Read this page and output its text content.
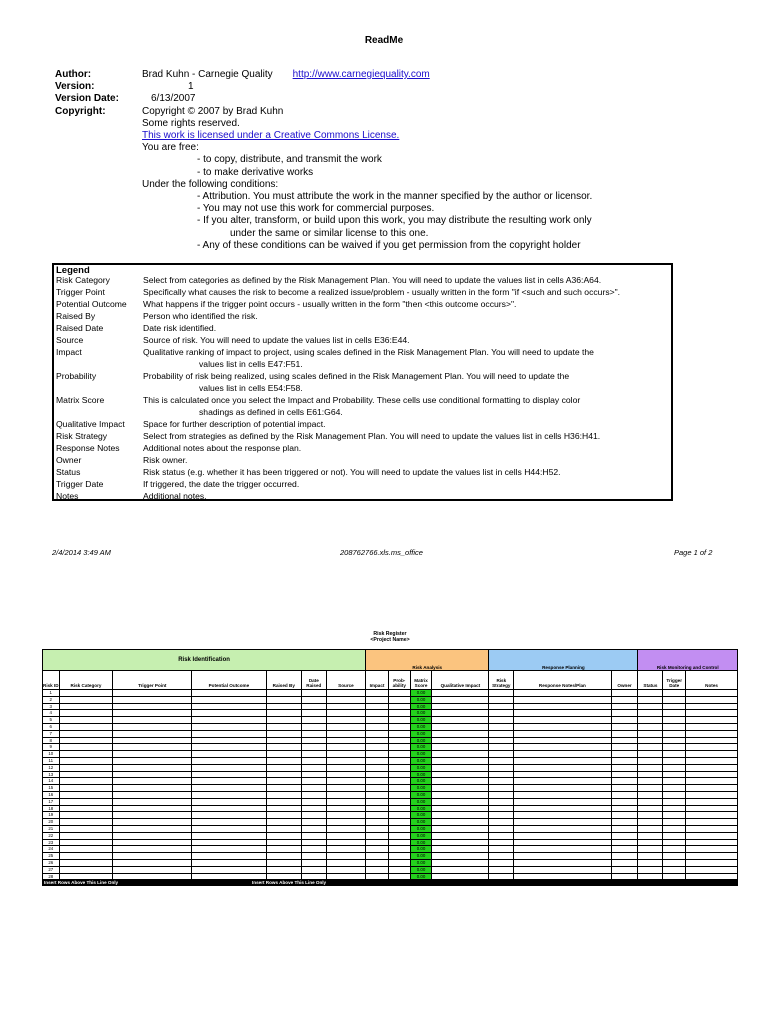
ReadMe
Author:	Brad Kuhn - Carnegie Quality http://www.carnegiequality.com
Version:	1
Version Date:	6/13/2007
Copyright:	Copyright © 2007 by Brad Kuhn
Some rights reserved.
This work is licensed under a Creative Commons License.
You are free:
- to copy, distribute, and transmit the work
- to make derivative works
Under the following conditions:
- Attribution. You must attribute the work in the manner specified by the author or licensor.
- You may not use this work for commercial purposes.
- If you alter, transform, or build upon this work, you may distribute the resulting work only
under the same or similar license to this one.
- Any of these conditions can be waived if you get permission from the copyright holder
Legend
Risk Category	Select from categories as defined by the Risk Management Plan. You will need to update the values list in cells A36:A64.
Trigger Point	Specifically what causes the risk to become a realized issue/problem - usually written in the form "if <such and such occurs>".
Potential Outcome	What happens if the trigger point occurs - usually written in the form "then <this outcome occurs>".
Raised By	Person who identified the risk.
Raised Date	Date risk identified.
Source	Source of risk. You will need to update the values list in cells E36:E44.
Impact	Qualitative ranking of impact to project, using scales defined in the Risk Management Plan. You will need to update the
values list in cells E47:F51.
Probability	Probability of risk being realized, using scales defined in the Risk Management Plan. You will need to update the
values list in cells E54:F58.
Matrix Score	This is calculated once you select the Impact and Probability. These cells use conditional formatting to display color
shadings as defined in cells E61:G64.
Qualitative Impact	Space for further description of potential impact.
Risk Strategy	Select from strategies as defined by the Risk Management Plan. You will need to update the values list in cells H36:H41.
Response Notes	Additional notes about the response plan.
Owner	Risk owner.
Status	Risk status (e.g. whether it has been triggered or not). You will need to update the values list in cells H44:H52.
Trigger Date	If triggered, the date the trigger occurred.
Notes	Additional notes.
2/4/2014 3:49 AM	208762766.xls.ms_office	Page 1 of 2
Risk Register
<Project Name>
Risk Identification							Risk Analysis				Response Planning			Risk Monitoring and Control		
Risk ID	Risk Category	Trigger Point	Potential Outcome	Raised By	Date Raised	Source	Impact	Prob-ability	Matrix Score	Qualitative Impact	Risk Strategy	Response Notes/Plan	Owner	Status	Trigger Date	Notes
1									0.00							
2									0.00							
3									0.00							
4									0.00							
5									0.00							
6									0.00							
7									0.00							
8									0.00							
9									0.00							
10									0.00							
11									0.00							
12									0.00							
13									0.00							
14									0.00							
15									0.00							
16									0.00							
17									0.00							
18									0.00							
19									0.00							
20									0.00							
21									0.00							
22									0.00							
23									0.00							
24									0.00							
25									0.00							
26									0.00							
27									0.00							
28									0.00							
Insert Rows Above This Line Only	Insert Rows Above This Line Only
